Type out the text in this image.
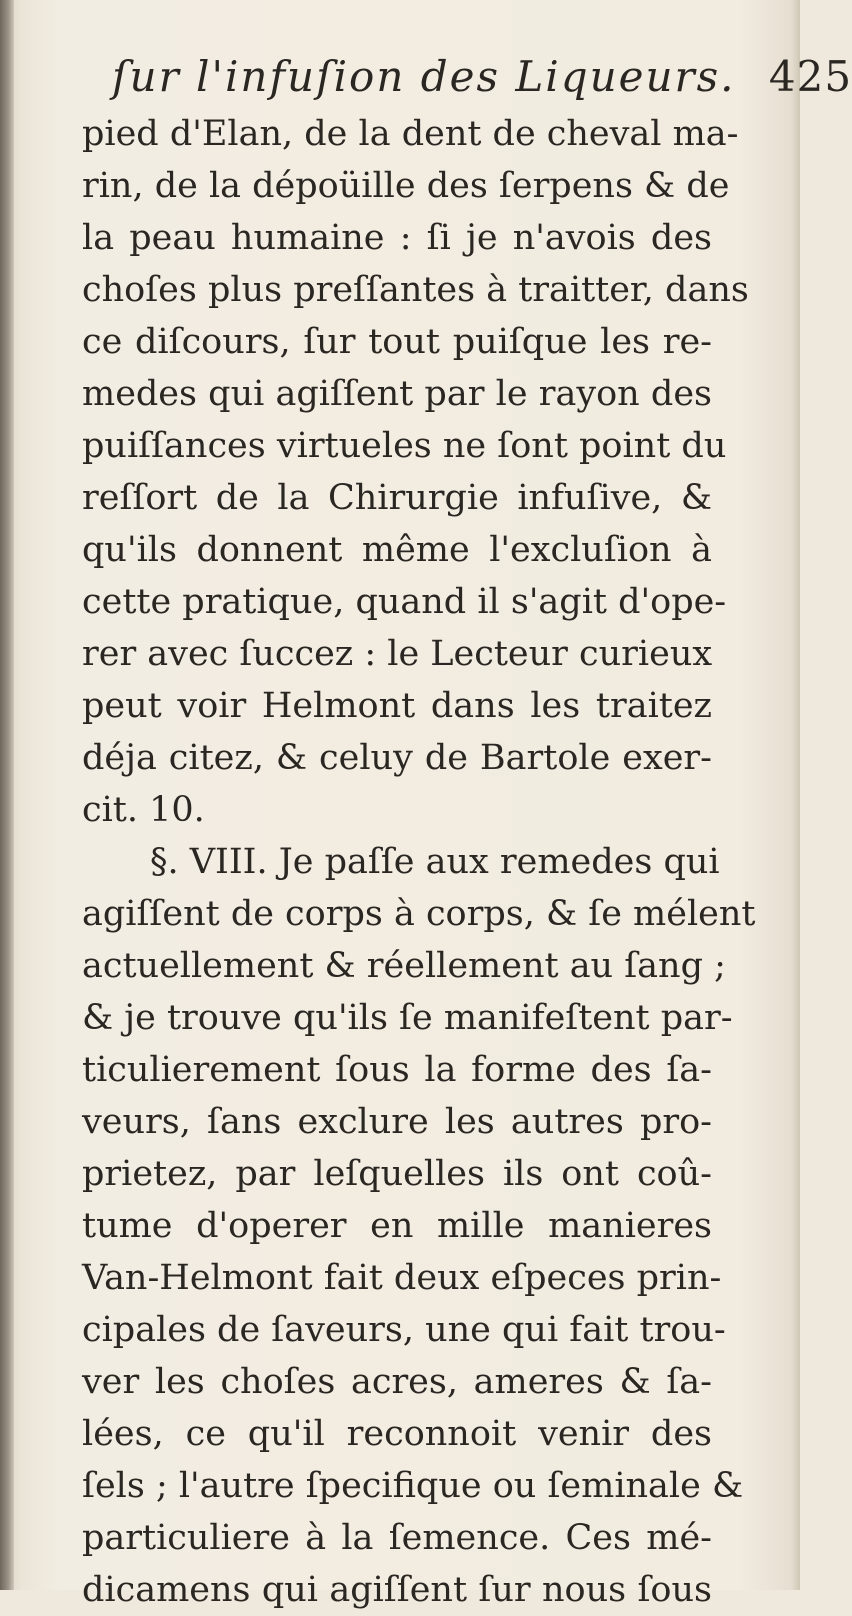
ſur l'infuſion des Liqueurs. 425
pied d'Elan, de la dent de cheval ma-
rin, de la dépoüille des ſerpens & de
la peau humaine : ſi je n'avois des
choſes plus preſſantes à traitter, dans
ce diſcours, ſur tout puiſque les re-
medes qui agiſſent par le rayon des
puiſſances virtueles ne ſont point du
reſſort de la Chirurgie infuſive, &
qu'ils donnent même l'excluſion à
cette pratique, quand il s'agit d'ope-
rer avec ſuccez : le Lecteur curieux
peut voir Helmont dans les traitez
déja citez, & celuy de Bartole exer-
cit. 10.
§. VIII. Je paſſe aux remedes qui
agiſſent de corps à corps, & ſe mélent
actuellement & réellement au ſang ;
& je trouve qu'ils ſe manifeſtent par-
ticulierement ſous la forme des ſa-
veurs, ſans exclure les autres pro-
prietez, par leſquelles ils ont coû-
tume d'operer en mille manieres
Van-Helmont fait deux eſpeces prin-
cipales de ſaveurs, une qui fait trou-
ver les choſes acres, ameres & ſa-
lées, ce qu'il reconnoit venir des
ſels ; l'autre ſpecifique ou ſeminale &
particuliere à la ſemence. Ces mé-
dicamens qui agiſſent ſur nous ſous
